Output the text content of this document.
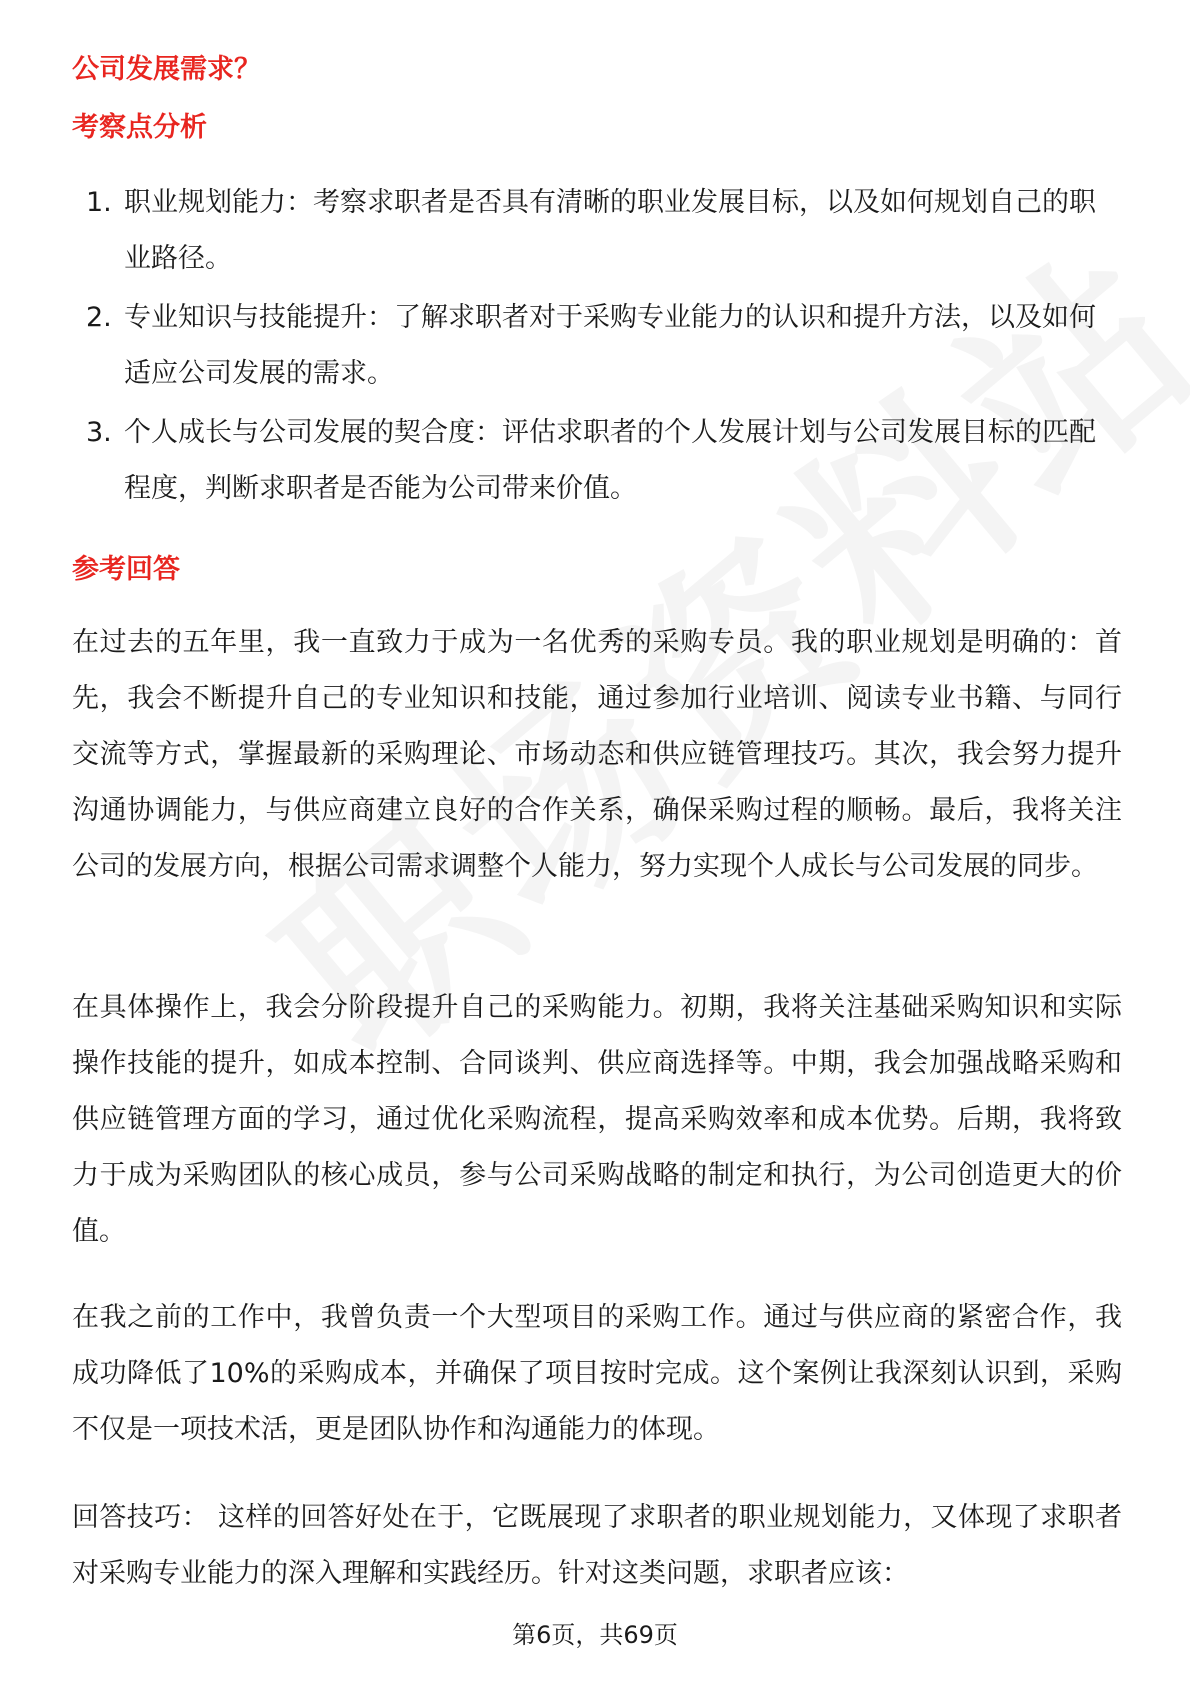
公司发展需求？
考察点分析
1. 职业规划能力：考察求职者是否具有清晰的职业发展目标，以及如何规划自己的职业路径。
2. 专业知识与技能提升：了解求职者对于采购专业能力的认识和提升方法，以及如何适应公司发展的需求。
3. 个人成长与公司发展的契合度：评估求职者的个人发展计划与公司发展目标的匹配程度，判断求职者是否能为公司带来价值。
参考回答

在过去的五年里，我一直致力于成为一名优秀的采购专员。我的职业规划是明确的：首先，我会不断提升自己的专业知识和技能，通过参加行业培训、阅读专业书籍、与同行交流等方式，掌握最新的采购理论、市场动态和供应链管理技巧。其次，我会努力提升沟通协调能力，与供应商建立良好的合作关系，确保采购过程的顺畅。最后，我将关注公司的发展方向，根据公司需求调整个人能力，努力实现个人成长与公司发展的同步。

在具体操作上，我会分阶段提升自己的采购能力。初期，我将关注基础采购知识和实际操作技能的提升，如成本控制、合同谈判、供应商选择等。中期，我会加强战略采购和供应链管理方面的学习，通过优化采购流程，提高采购效率和成本优势。后期，我将致力于成为采购团队的核心成员，参与公司采购战略的制定和执行，为公司创造更大的价值。

在我之前的工作中，我曾负责一个大型项目的采购工作。通过与供应商的紧密合作，我成功降低了10%的采购成本，并确保了项目按时完成。这个案例让我深刻认识到，采购不仅是一项技术活，更是团队协作和沟通能力的体现。

回答技巧： 这样的回答好处在于，它既展现了求职者的职业规划能力，又体现了求职者对采购专业能力的深入理解和实践经历。针对这类问题，求职者应该：

第6页，共69页
